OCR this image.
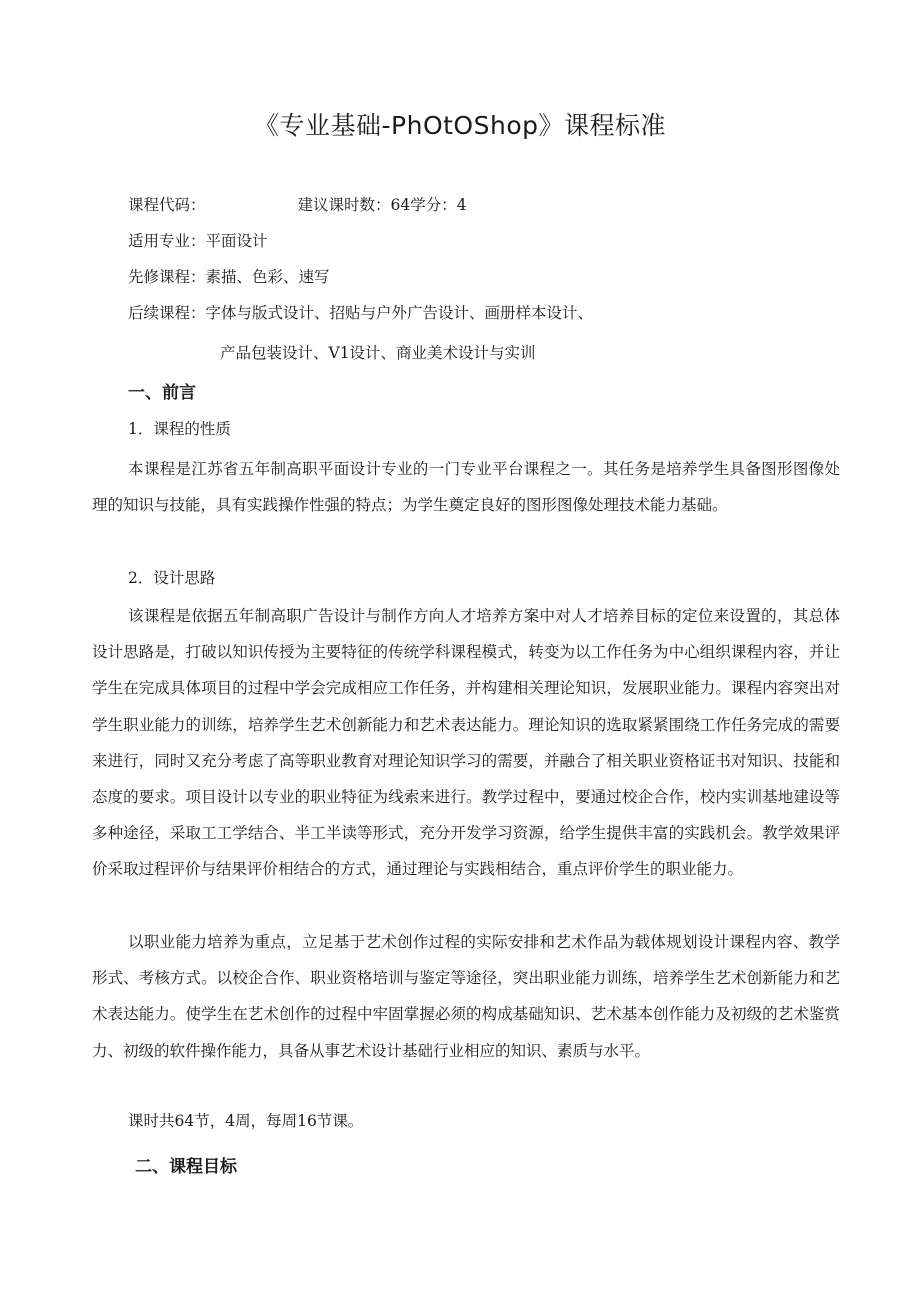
《专业基础-PhOtOShop》课程标准
课程代码：	建议课时数：64学分：4
适用专业：平面设计
先修课程：素描、色彩、速写
后续课程：字体与版式设计、招贴与户外广告设计、画册样本设计、
产品包装设计、V1设计、商业美术设计与实训
一、前言
1．课程的性质
本课程是江苏省五年制高职平面设计专业的一门专业平台课程之一。其任务是培养学生具备图形图像处理的知识与技能，具有实践操作性强的特点；为学生奠定良好的图形图像处理技术能力基础。
2．设计思路
该课程是依据五年制高职广告设计与制作方向人才培养方案中对人才培养目标的定位来设置的，其总体设计思路是，打破以知识传授为主要特征的传统学科课程模式，转变为以工作任务为中心组织课程内容，并让学生在完成具体项目的过程中学会完成相应工作任务，并构建相关理论知识，发展职业能力。课程内容突出对学生职业能力的训练，培养学生艺术创新能力和艺术表达能力。理论知识的选取紧紧围绕工作任务完成的需要来进行，同时又充分考虑了高等职业教育对理论知识学习的需要，并融合了相关职业资格证书对知识、技能和态度的要求。项目设计以专业的职业特征为线索来进行。教学过程中，要通过校企合作，校内实训基地建设等多种途径，采取工工学结合、半工半读等形式，充分开发学习资源，给学生提供丰富的实践机会。教学效果评价采取过程评价与结果评价相结合的方式，通过理论与实践相结合，重点评价学生的职业能力。
以职业能力培养为重点，立足基于艺术创作过程的实际安排和艺术作品为载体规划设计课程内容、教学形式、考核方式。以校企合作、职业资格培训与鉴定等途径，突出职业能力训练，培养学生艺术创新能力和艺术表达能力。使学生在艺术创作的过程中牢固掌握必须的构成基础知识、艺术基本创作能力及初级的艺术鉴赏力、初级的软件操作能力，具备从事艺术设计基础行业相应的知识、素质与水平。
课时共64节，4周，每周16节课。
二、课程目标
